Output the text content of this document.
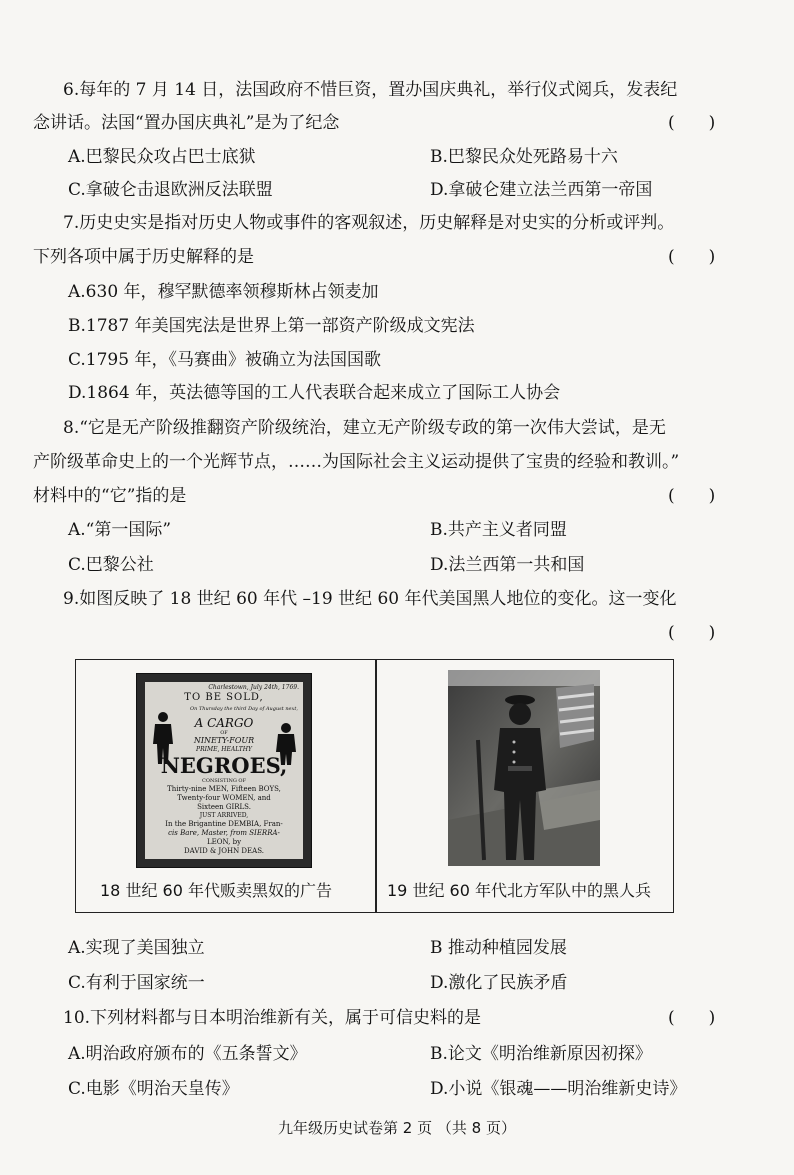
6.每年的 7 月 14 日，法国政府不惜巨资，置办国庆典礼，举行仪式阅兵，发表纪
念讲话。法国“置办国庆典礼”是为了纪念	(　　)
A.巴黎民众攻占巴士底狱	B.巴黎民众处死路易十六
C.拿破仑击退欧洲反法联盟	D.拿破仑建立法兰西第一帝国
7.历史史实是指对历史人物或事件的客观叙述，历史解释是对史实的分析或评判。
下列各项中属于历史解释的是	(　　)
A.630 年，穆罕默德率领穆斯林占领麦加
B.1787 年美国宪法是世界上第一部资产阶级成文宪法
C.1795 年，《马赛曲》被确立为法国国歌
D.1864 年，英法德等国的工人代表联合起来成立了国际工人协会
8.“它是无产阶级推翻资产阶级统治，建立无产阶级专政的第一次伟大尝试，是无
产阶级革命史上的一个光辉节点，……为国际社会主义运动提供了宝贵的经验和教训。”
材料中的“它”指的是	(　　)
A.“第一国际”	B.共产主义者同盟
C.巴黎公社	D.法兰西第一共和国
9.如图反映了 18 世纪 60 年代 –19 世纪 60 年代美国黑人地位的变化。这一变化
(　　)
Charlestown, July 24th, 1769.
TO BE SOLD,
On Thursday the third Day of August next,
A CARGO
OF
NINETY-FOUR
PRIME, HEALTHY
NEGROES,
CONSISTING OF
Thirty-nine MEN, Fifteen BOYS,
Twenty-four WOMEN, and
Sixteen GIRLS.
JUST ARRIVED,
In the Brigantine DEMBIA, Fran-
cis Bare, Master, from SIERRA-
LEON, by
DAVID & JOHN DEAS.
18 世纪 60 年代贩卖黑奴的广告	19 世纪 60 年代北方军队中的黑人兵
A.实现了美国独立	B 推动种植园发展
C.有利于国家统一	D.激化了民族矛盾
10.下列材料都与日本明治维新有关，属于可信史料的是	(　　)
A.明治政府颁布的《五条誓文》	B.论文《明治维新原因初探》
C.电影《明治天皇传》	D.小说《银魂——明治维新史诗》
九年级历史试卷第 2 页 （共 8 页）
